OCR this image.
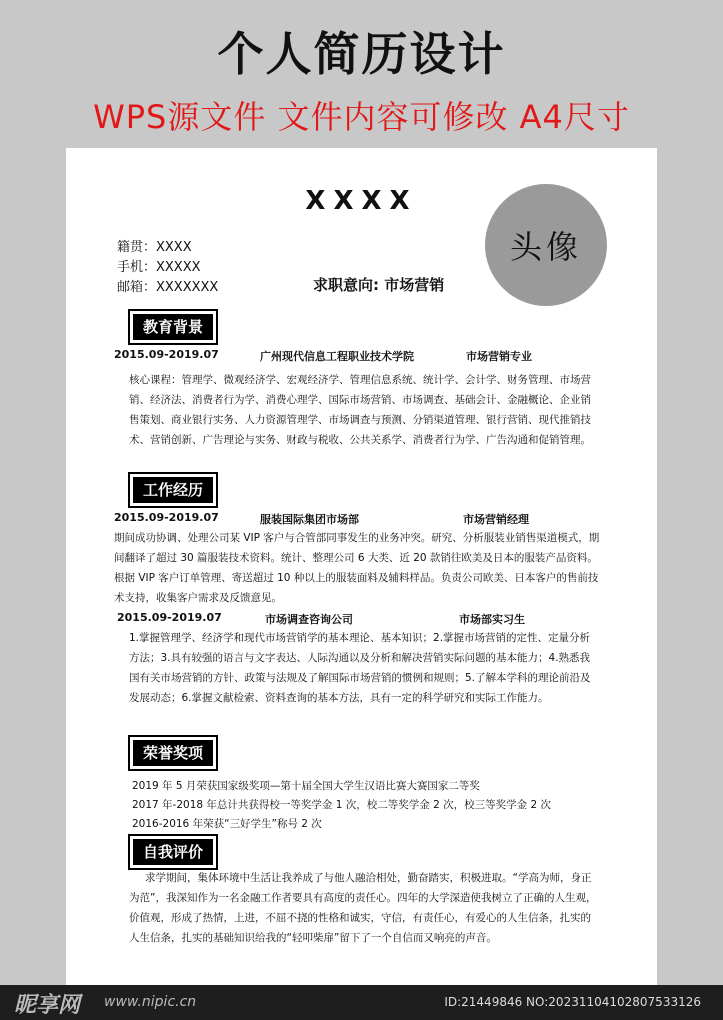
个人简历设计
WPS源文件 文件内容可修改 A4尺寸
XXXX
头像
籍贯：XXXX
手机：XXXXX
邮箱：XXXXXXX	求职意向: 市场营销
教育背景
2015.09-2019.07	广州现代信息工程职业技术学院	市场营销专业
核心课程：管理学、微观经济学、宏观经济学、管理信息系统、统计学、会计学、财务管理、市场营销、经济法、消费者行为学、消费心理学、国际市场营销、市场调查、基础会计、金融概论、企业销售策划、商业银行实务、人力资源管理学、市场调查与预测、分销渠道管理、银行营销、现代推销技术、营销创新、广告理论与实务、财政与税收、公共关系学、消费者行为学、广告沟通和促销管理。
工作经历
2015.09-2019.07	服装国际集团市场部	市场营销经理
期间成功协调、处理公司某 VIP 客户与合管部同事发生的业务冲突。研究、分析服装业销售渠道模式，期间翻译了超过 30 篇服装技术资料。统计、整理公司 6 大类、近 20 款销往欧美及日本的服装产品资料。根据 VIP 客户订单管理、寄送超过 10 种以上的服装面料及辅料样品。负责公司欧美、日本客户的售前技术支持，收集客户需求及反馈意见。
2015.09-2019.07	市场调查咨询公司	市场部实习生
1.掌握管理学、经济学和现代市场营销学的基本理论、基本知识；2.掌握市场营销的定性、定量分析方法；3.具有较强的语言与文字表达、人际沟通以及分析和解决营销实际问题的基本能力；4.熟悉我国有关市场营销的方针、政策与法规及了解国际市场营销的惯例和规则；5.了解本学科的理论前沿及发展动态；6.掌握文献检索、资料查询的基本方法，具有一定的科学研究和实际工作能力。
荣誉奖项
2019 年 5 月荣获国家级奖项—第十届全国大学生汉语比赛大赛国家二等奖
2017 年-2018 年总计共获得校一等奖学金 1 次，校二等奖学金 2 次，校三等奖学金 2 次
2016-2016 年荣获“三好学生”称号 2 次
自我评价
求学期间，集体环境中生活让我养成了与他人融洽相处，勤奋踏实，积极进取。“学高为师，身正为范”，我深知作为一名金融工作者要具有高度的责任心。四年的大学深造使我树立了正确的人生观，价值观，形成了热情，上进，不屈不挠的性格和诚实，守信，有责任心，有爱心的人生信条，扎实的人生信条，扎实的基础知识给我的“轻叩柴扉”留下了一个自信而又响亮的声音。
昵享网 www.nipic.cn	ID:21449846 NO:20231104102807533126
